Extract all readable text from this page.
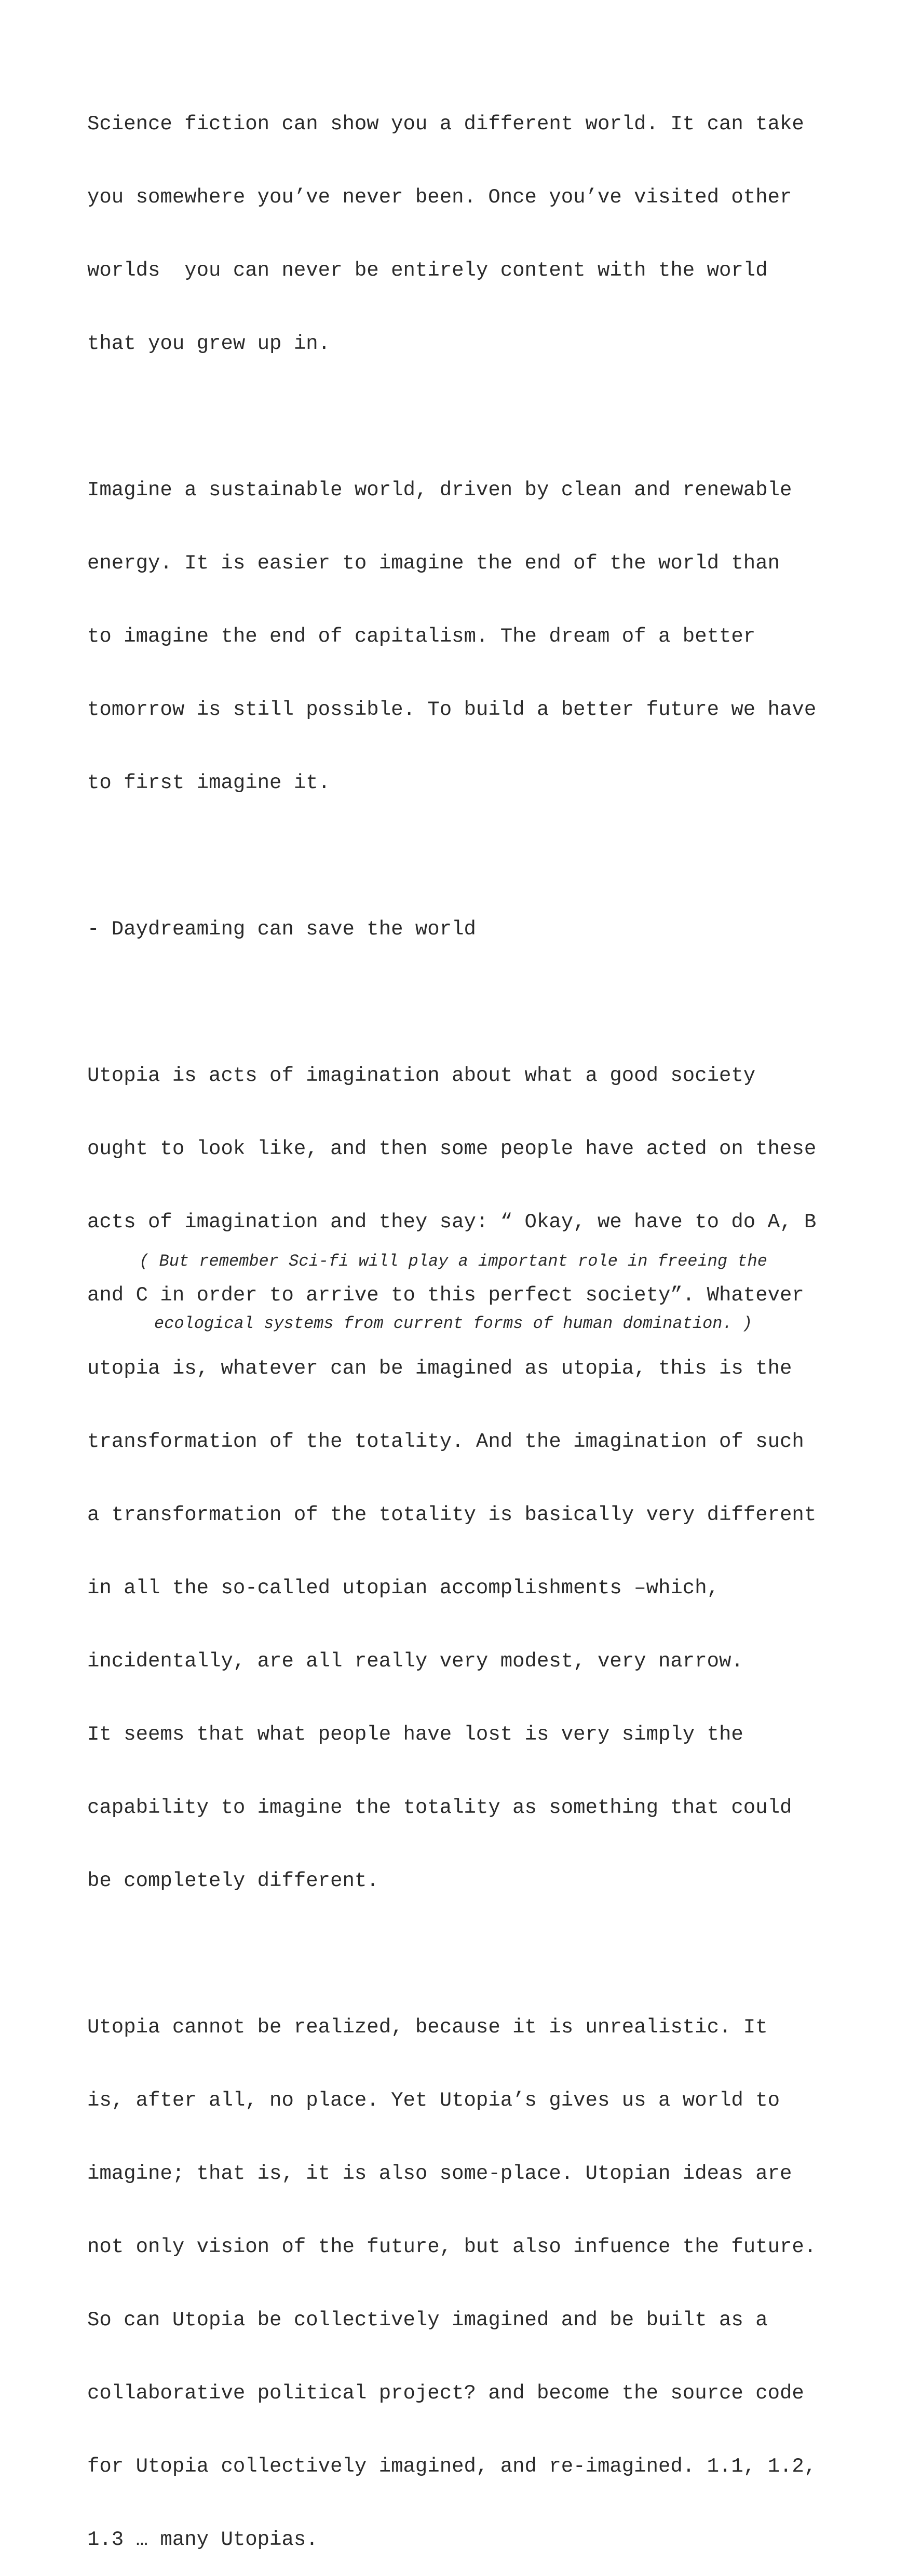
Science fiction can show you a different world. It can take

you somewhere you’ve never been. Once you’ve visited other

worlds  you can never be entirely content with the world

that you grew up in.

Imagine a sustainable world, driven by clean and renewable

energy. It is easier to imagine the end of the world than

to imagine the end of capitalism. The dream of a better

tomorrow is still possible. To build a better future we have

to first imagine it.

- Daydreaming can save the world

Utopia is acts of imagination about what a good society

ought to look like, and then some people have acted on these

acts of imagination and they say: “ Okay, we have to do A, B

and C in order to arrive to this perfect society”. Whatever

utopia is, whatever can be imagined as utopia, this is the

transformation of the totality. And the imagination of such

a transformation of the totality is basically very different

in all the so-called utopian accomplishments –which,

incidentally, are all really very modest, very narrow.

It seems that what people have lost is very simply the

capability to imagine the totality as something that could

be completely different.

Utopia cannot be realized, because it is unrealistic. It

is, after all, no place. Yet Utopia’s gives us a world to

imagine; that is, it is also some-place. Utopian ideas are

not only vision of the future, but also infuence the future.

So can Utopia be collectively imagined and be built as a

collaborative political project? and become the source code

for Utopia collectively imagined, and re-imagined. 1.1, 1.2,

1.3 … many Utopias.

( But remember Sci-fi will play a important role in freeing the

ecological systems from current forms of human domination. )
